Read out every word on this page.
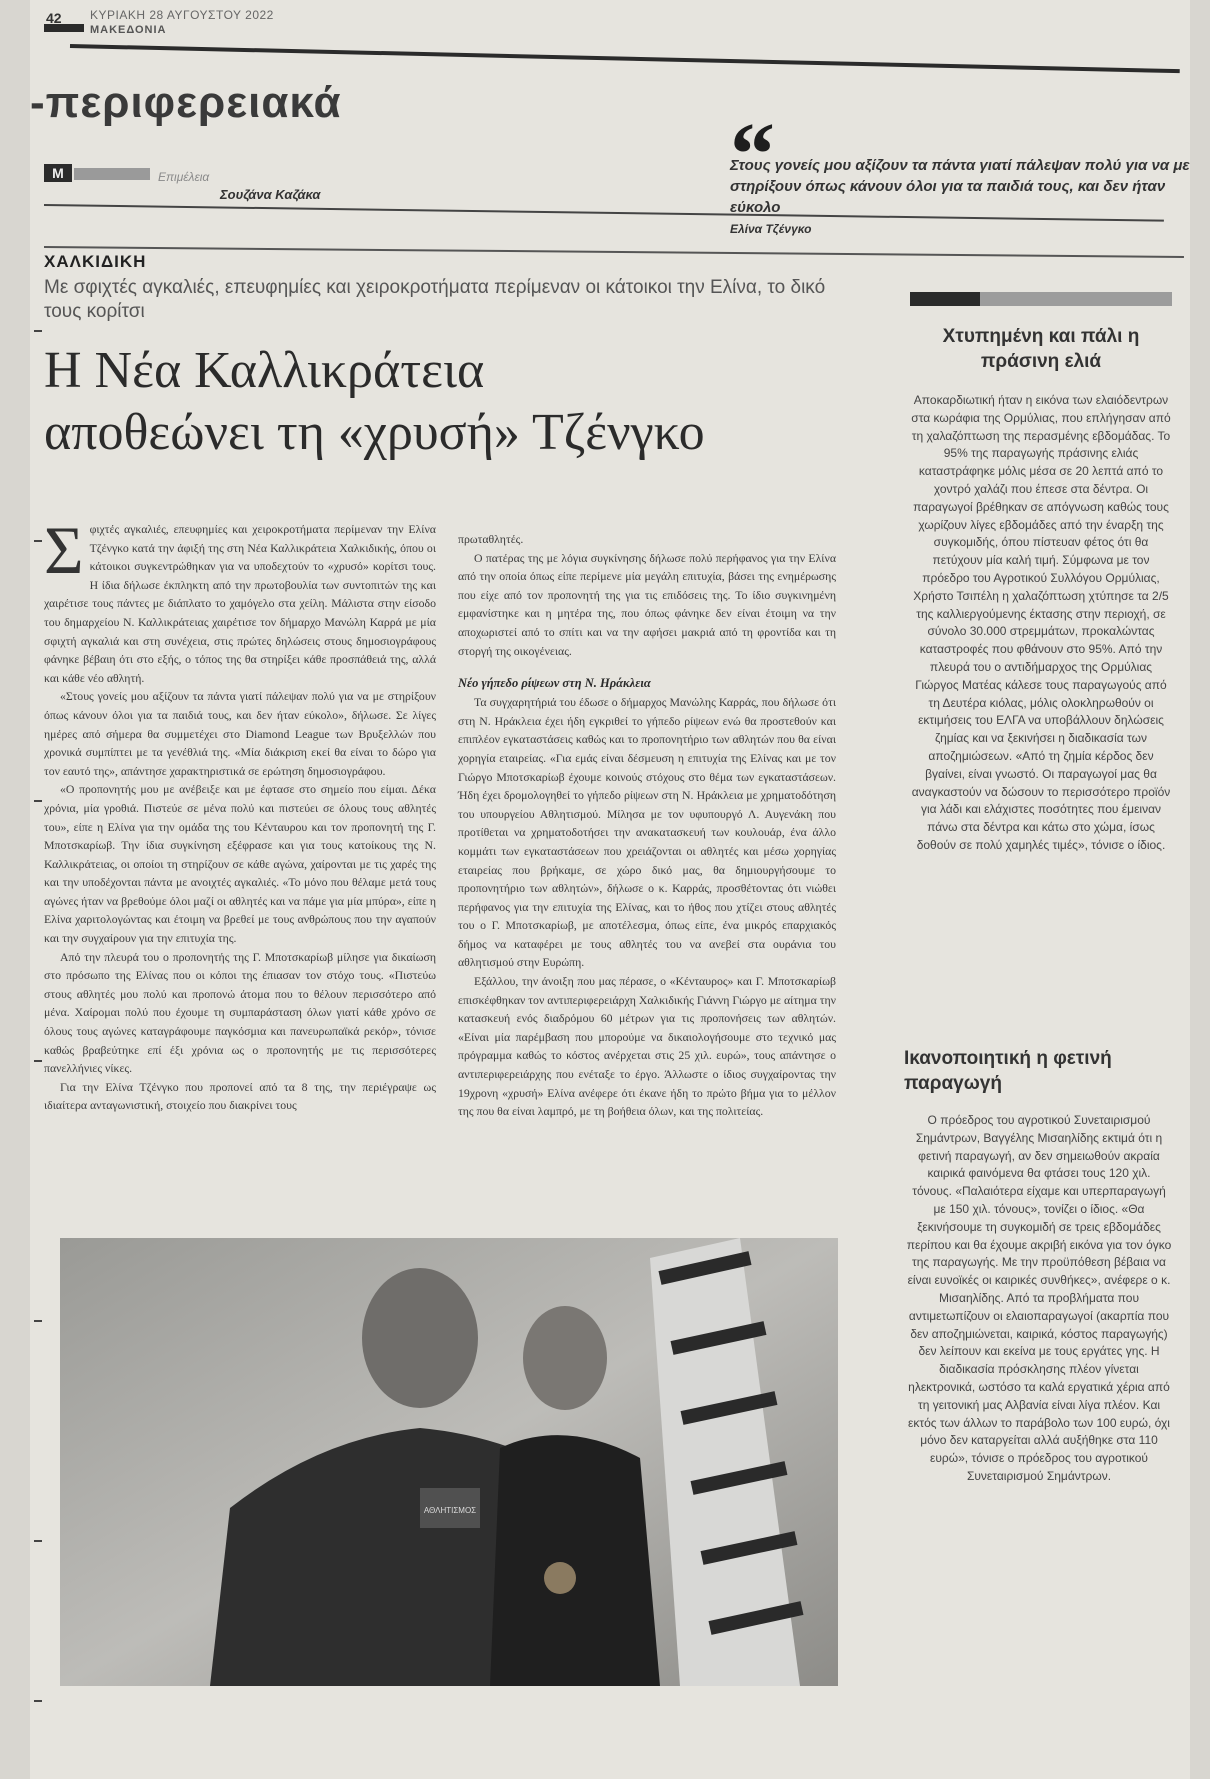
42 ΚΥΡΙΑΚΗ 28 ΑΥΓΟΥΣΤΟΥ 2022
ΜΑΚΕΔΟΝΙΑ
-περιφερειακά
M	Επιμέλεια
Σουζάνα Καζάκα	“
Στους γονείς μου αξίζουν τα πάντα γιατί πάλεψαν πολύ για να με στηρίξουν όπως κάνουν όλοι για τα παιδιά τους, και δεν ήταν εύκολο
Ελίνα Τζένγκο
ΧΑΛΚΙΔΙΚΗ
Με σφιχτές αγκαλιές, επευφημίες και χειροκροτήματα περίμεναν οι κάτοικοι την Ελίνα, το δικό τους κορίτσι
Η Νέα Καλλικράτεια
αποθεώνει τη «χρυσή» Τζένγκο

Σφιχτές αγκαλιές, επευφημίες και χειροκροτήματα περίμεναν την Ελίνα Τζένγκο κατά την άφιξή της στη Νέα Καλλικράτεια Χαλκιδικής, όπου οι κάτοικοι συγκεντρώθηκαν για να υποδεχτούν το «χρυσό» κορίτσι τους. Η ίδια δήλωσε έκπληκτη από την πρωτοβουλία των συντοπιτών της και χαιρέτισε τους πάντες με διάπλατο το χαμόγελο στα χείλη. Μάλιστα στην είσοδο του δημαρχείου Ν. Καλλικράτειας χαιρέτισε τον δήμαρχο Μανώλη Καρρά με μία σφιχτή αγκαλιά και στη συνέχεια, στις πρώτες δηλώσεις στους δημοσιογράφους φάνηκε βέβαιη ότι στο εξής, ο τόπος της θα στηρίξει κάθε προσπάθειά της, αλλά και κάθε νέο αθλητή.

«Στους γονείς μου αξίζουν τα πάντα γιατί πάλεψαν πολύ για να με στηρίξουν όπως κάνουν όλοι για τα παιδιά τους, και δεν ήταν εύκολο», δήλωσε. Σε λίγες ημέρες από σήμερα θα συμμετέχει στο Diamond League των Βρυξελλών που χρονικά συμπίπτει με τα γενέθλιά της. «Μία διάκριση εκεί θα είναι το δώρο για τον εαυτό της», απάντησε χαρακτηριστικά σε ερώτηση δημοσιογράφου.

«Ο προπονητής μου με ανέβειξε και με έφτασε στο σημείο που είμαι. Δέκα χρόνια, μία γροθιά. Πιστεύε σε μένα πολύ και πιστεύει σε όλους τους αθλητές του», είπε η Ελίνα για την ομάδα της του Κένταυρου και τον προπονητή της Γ. Μποτσκαρίωβ. Την ίδια συγκίνηση εξέφρασε και για τους κατοίκους της Ν. Καλλικράτειας, οι οποίοι τη στηρίζουν σε κάθε αγώνα, χαίρονται με τις χαρές της και την υποδέχονται πάντα με ανοιχτές αγκαλιές. «Το μόνο που θέλαμε μετά τους αγώνες ήταν να βρεθούμε όλοι μαζί οι αθλητές και να πάμε για μία μπύρα», είπε η Ελίνα χαριτολογώντας και έτοιμη να βρεθεί με τους ανθρώπους που την αγαπούν και την συγχαίρουν για την επιτυχία της.

Από την πλευρά του ο προπονητής της Γ. Μποτσκαρίωβ μίλησε για δικαίωση στο πρόσωπο της Ελίνας που οι κόποι της έπιασαν τον στόχο τους. «Πιστεύω στους αθλητές μου πολύ και προπονώ άτομα που το θέλουν περισσότερο από μένα. Χαίρομαι πολύ που έχουμε τη συμπαράσταση όλων γιατί κάθε χρόνο σε όλους τους αγώνες καταγράφουμε παγκόσμια και πανευρωπαϊκά ρεκόρ», τόνισε καθώς βραβεύτηκε επί έξι χρόνια ως ο προπονητής με τις περισσότερες πανελλήνιες νίκες.

Για την Ελίνα Τζένγκο που προπονεί από τα 8 της, την περιέγραψε ως ιδιαίτερα ανταγωνιστική, στοιχείο που διακρίνει τους

πρωταθλητές.

Ο πατέρας της με λόγια συγκίνησης δήλωσε πολύ περήφανος για την Ελίνα από την οποία όπως είπε περίμενε μία μεγάλη επιτυχία, βάσει της ενημέρωσης που είχε από τον προπονητή της για τις επιδόσεις της. Το ίδιο συγκινημένη εμφανίστηκε και η μητέρα της, που όπως φάνηκε δεν είναι έτοιμη να την αποχωριστεί από το σπίτι και να την αφήσει μακριά από τη φροντίδα και τη στοργή της οικογένειας.

Νέο γήπεδο ρίψεων στη Ν. Ηράκλεια

Τα συγχαρητήριά του έδωσε ο δήμαρχος Μανώλης Καρράς, που δήλωσε ότι στη Ν. Ηράκλεια έχει ήδη εγκριθεί το γήπεδο ρίψεων ενώ θα προστεθούν και επιπλέον εγκαταστάσεις καθώς και το προπονητήριο των αθλητών που θα είναι χορηγία εταιρείας. «Για εμάς είναι δέσμευση η επιτυχία της Ελίνας και με τον Γιώργο Μποτσκαρίωβ έχουμε κοινούς στόχους στο θέμα των εγκαταστάσεων. Ήδη έχει δρομολογηθεί το γήπεδο ρίψεων στη Ν. Ηράκλεια με χρηματοδότηση του υπουργείου Αθλητισμού. Μίλησα με τον υφυπουργό Λ. Αυγενάκη που προτίθεται να χρηματοδοτήσει την ανακατασκευή των κουλουάρ, ένα άλλο κομμάτι των εγκαταστάσεων που χρειάζονται οι αθλητές και μέσω χορηγίας εταιρείας που βρήκαμε, σε χώρο δικό μας, θα δημιουργήσουμε το προπονητήριο των αθλητών», δήλωσε ο κ. Καρράς, προσθέτοντας ότι νιώθει περήφανος για την επιτυχία της Ελίνας, και το ήθος που χτίζει στους αθλητές του ο Γ. Μποτσκαρίωβ, με αποτέλεσμα, όπως είπε, ένα μικρός επαρχιακός δήμος να καταφέρει με τους αθλητές του να ανεβεί στα ουράνια του αθλητισμού στην Ευρώπη.

Εξάλλου, την άνοιξη που μας πέρασε, ο «Κένταυρος» και Γ. Μποτσκαρίωβ επισκέφθηκαν τον αντιπεριφερειάρχη Χαλκιδικής Γιάννη Γιώργο με αίτημα την κατασκευή ενός διαδρόμου 60 μέτρων για τις προπονήσεις των αθλητών. «Είναι μία παρέμβαση που μπορούμε να δικαιολογήσουμε στο τεχνικό μας πρόγραμμα καθώς το κόστος ανέρχεται στις 25 χιλ. ευρώ», τους απάντησε ο αντιπεριφερειάρχης που ενέταξε το έργο. Άλλωστε ο ίδιος συγχαίροντας την 19χρονη «χρυσή» Ελίνα ανέφερε ότι έκανε ήδη το πρώτο βήμα για το μέλλον της που θα είναι λαμπρό, με τη βοήθεια όλων, και της πολιτείας.

Χτυπημένη και πάλι η πράσινη ελιά

Αποκαρδιωτική ήταν η εικόνα των ελαιόδεντρων στα κωράφια της Ορμύλιας, που επλήγησαν από τη χαλαζόπτωση της περασμένης εβδομάδας. Το 95% της παραγωγής πράσινης ελιάς καταστράφηκε μόλις μέσα σε 20 λεπτά από το χοντρό χαλάζι που έπεσε στα δέντρα. Οι παραγωγοί βρέθηκαν σε απόγνωση καθώς τους χωρίζουν λίγες εβδομάδες από την έναρξη της συγκομιδής, όπου πίστευαν φέτος ότι θα πετύχουν μία καλή τιμή. Σύμφωνα με τον πρόεδρο του Αγροτικού Συλλόγου Ορμύλιας, Χρήστο Τσιπέλη η χαλαζόπτωση χτύπησε τα 2/5 της καλλιεργούμενης έκτασης στην περιοχή, σε σύνολο 30.000 στρεμμάτων, προκαλώντας καταστροφές που φθάνουν στο 95%. Από την πλευρά του ο αντιδήμαρχος της Ορμύλιας Γιώργος Ματέας κάλεσε τους παραγωγούς από τη Δευτέρα κιόλας, μόλις ολοκληρωθούν οι εκτιμήσεις του ΕΛΓΑ να υποβάλλουν δηλώσεις ζημίας και να ξεκινήσει η διαδικασία των αποζημιώσεων. «Από τη ζημία κέρδος δεν βγαίνει, είναι γνωστό. Οι παραγωγοί μας θα αναγκαστούν να δώσουν το περισσότερο προϊόν για λάδι και ελάχιστες ποσότητες που έμειναν πάνω στα δέντρα και κάτω στο χώμα, ίσως δοθούν σε πολύ χαμηλές τιμές», τόνισε ο ίδιος.

Ικανοποιητική η φετινή παραγωγή

Ο πρόεδρος του αγροτικού Συνεταιρισμού Σημάντρων, Βαγγέλης Μισαηλίδης εκτιμά ότι η φετινή παραγωγή, αν δεν σημειωθούν ακραία καιρικά φαινόμενα θα φτάσει τους 120 χιλ. τόνους. «Παλαιότερα είχαμε και υπερπαραγωγή με 150 χιλ. τόνους», τονίζει ο ίδιος. «Θα ξεκινήσουμε τη συγκομιδή σε τρεις εβδομάδες περίπου και θα έχουμε ακριβή εικόνα για τον όγκο της παραγωγής. Με την προϋπόθεση βέβαια να είναι ευνοϊκές οι καιρικές συνθήκες», ανέφερε ο κ. Μισαηλίδης. Από τα προβλήματα που αντιμετωπίζουν οι ελαιοπαραγωγοί (ακαρπία που δεν αποζημιώνεται, καιρικά, κόστος παραγωγής) δεν λείπουν και εκείνα με τους εργάτες γης. Η διαδικασία πρόσκλησης πλέον γίνεται ηλεκτρονικά, ωστόσο τα καλά εργατικά χέρια από τη γειτονική μας Αλβανία είναι λίγα πλέον. Και εκτός των άλλων το παράβολο των 100 ευρώ, όχι μόνο δεν καταργείται αλλά αυξήθηκε στα 110 ευρώ», τόνισε ο πρόεδρος του αγροτικού Συνεταιρισμού Σημάντρων.

ΑΘΛΗΤΙΣΜΟΣ
